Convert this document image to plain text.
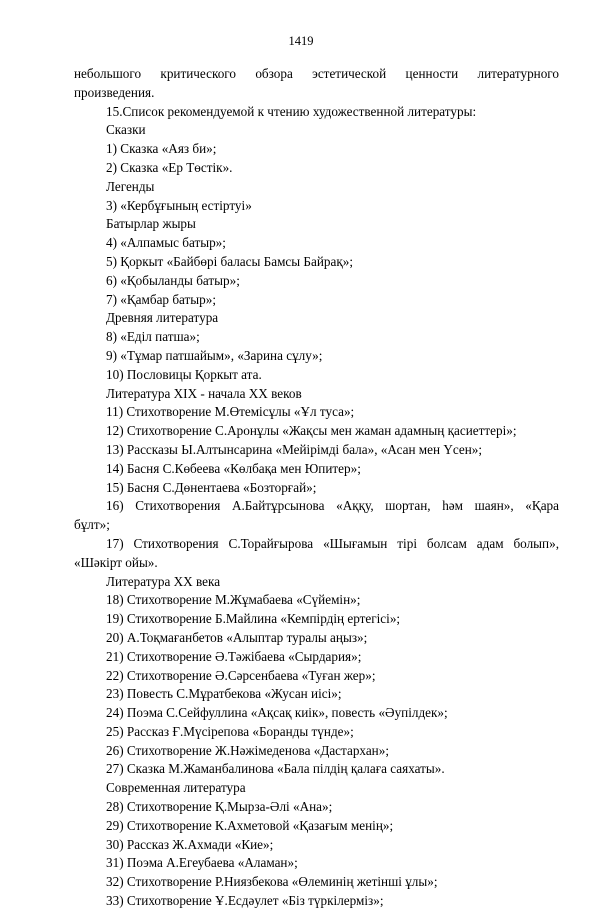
1419
небольшого критического обзора эстетической ценности литературного
произведения.
15.Список рекомендуемой к чтению художественной литературы:
Сказки
1) Сказка «Аяз би»;
2) Сказка «Ер Төстік».
Легенды
3) «Кербұғының естіртуі»
Батырлар жыры
4) «Алпамыс батыр»;
5) Қоркыт «Байбөрі баласы Бамсы Байрақ»;
6) «Қобыланды батыр»;
7) «Қамбар батыр»;
Древняя литература
8) «Еділ патша»;
9) «Тұмар патшайым», «Зарина сұлу»;
10) Пословицы Қоркыт ата.
Литература XIX - начала XX веков
11) Стихотворение М.Өтемісұлы «Ұл туса»;
12) Стихотворение С.Аронұлы «Жақсы мен жаман адамның қасиеттері»;
13) Рассказы Ы.Алтынсарина «Мейірімді бала», «Асан мен Үсен»;
14) Басня С.Көбеева «Көлбақа мен Юпитер»;
15) Басня С.Дөнентаева «Бозторғай»;
16) Стихотворения А.Байтұрсынова «Аққу, шортан, һәм шаян», «Қара
бұлт»;
17) Стихотворения С.Торайғырова «Шығамын тірі болсам адам болып»,
«Шәкірт ойы».
Литература XX века
18) Стихотворение М.Жұмабаева «Сүйемін»;
19) Стихотворение Б.Майлина «Кемпірдің ертегісі»;
20) А.Тоқмағанбетов «Алыптар туралы аңыз»;
21) Стихотворение Ә.Тәжібаева «Сырдария»;
22) Стихотворение Ә.Сәрсенбаева «Туған жер»;
23) Повесть С.Мұратбекова «Жусан иісі»;
24) Поэма С.Сейфуллина «Ақсақ киік», повесть «Әупілдек»;
25) Рассказ Ғ.Мүсірепова «Боранды түнде»;
26) Стихотворение Ж.Нәжімеденова «Дастархан»;
27) Сказка М.Жаманбалинова «Бала пілдің қалаға саяхаты».
Современная литература
28) Стихотворение Қ.Мырза-Әлі «Ана»;
29) Стихотворение К.Ахметовой «Қазағым менің»;
30) Рассказ Ж.Ахмади «Кие»;
31) Поэма А.Егеубаева «Аламан»;
32) Стихотворение Р.Ниязбекова «Өлеминің жетінші ұлы»;
33) Стихотворение Ұ.Есдәулет «Біз түркілерміз»;
